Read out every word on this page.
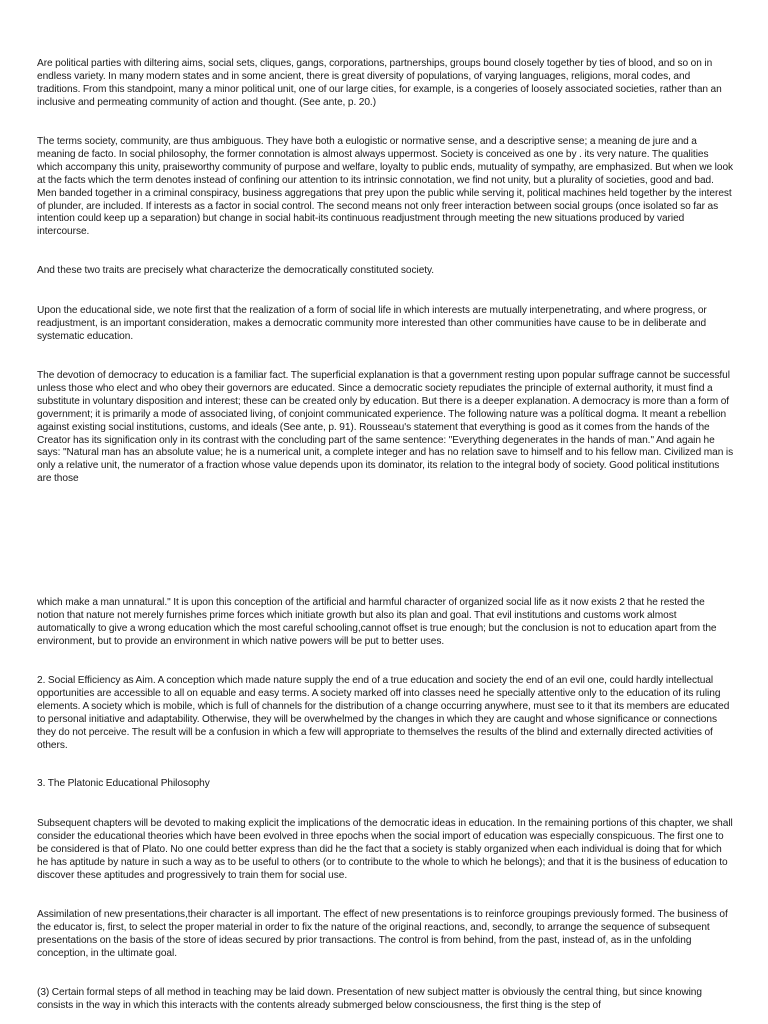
Are political parties with diltering aims, social sets, cliques, gangs, corporations, partnerships, groups bound closely together by ties of blood, and so on in endless variety. In many modern states and in some ancient, there is great diversity of populations, of varying languages, religions, moral codes, and traditions. From this standpoint, many a minor political unit, one of our large cities, for example, is a congeries of loosely associated societies, rather than an inclusive and permeating community of action and thought. (See ante, p. 20.)

The terms society, community, are thus ambiguous. They have both a eulogistic or normative sense, and a descriptive sense; a meaning de jure and a meaning de facto. In social philosophy, the former connotation is almost always uppermost. Society is conceived as one by . its very nature. The qualities which accompany this unity, praiseworthy community of purpose and welfare, loyalty to public ends, mutuality of sympathy, are emphasized. But when we look at the facts which the term denotes instead of confining our attention to its intrinsic connotation, we find not unity, but a plurality of societies, good and bad. Men banded together in a criminal conspiracy, business aggregations that prey upon the public while serving it, political machines held together by the interest of plunder, are included. If interests as a factor in social control. The second means not only freer interaction between social groups (once isolated so far as intention could keep up a separation) but change in social habit-its continuous readjustment through meeting the new situations produced by varied intercourse.

And these two traits are precisely what characterize the democratically constituted society.

Upon the educational side, we note first that the realization of a form of social life in which interests are mutually interpenetrating, and where progress, or readjustment, is an important consideration, makes a democratic community more interested than other communities have cause to be in deliberate and systematic education.

The devotion of democracy to education is a familiar fact. The superficial explanation is that a government resting upon popular suffrage cannot be successful unless those who elect and who obey their governors are educated. Since a democratic society repudiates the principle of external authority, it must find a substitute in voluntary disposition and interest; these can be created only by education. But there is a deeper explanation. A democracy is more than a form of government; it is primarily a mode of associated living, of conjoint communicated experience. The following nature was a polítical dogma. It meant a rebellion against existing social institutions, customs, and ideals (See ante, p. 91). Rousseau's statement that everything is good as it comes from the hands of the Creator has its signification only in its contrast with the concluding part of the same sentence: "Everything degenerates in the hands of man." And again he says: "Natural man has an absolute value; he is a numerical unit, a complete integer and has no relation save to himself and to his fellow man. Civilized man is only a relative unit, the numerator of a fraction whose value depends upon its dominator, its relation to the integral body of society. Good political institutions are those

which make a man unnatural." It is upon this conception of the artificial and harmful character of organized social life as it now exists 2 that he rested the notion that nature not merely furnishes prime forces which initiate growth but also its plan and goal. That evil institutions and customs work almost automatically to give a wrong education which the most careful schooling,cannot offset is true enough; but the conclusion is not to education apart from the environment, but to provide an environment in which native powers will be put to better uses.

2. Social Efficiency as Aim. A conception which made nature supply the end of a true education and society the end of an evil one, could hardly intellectual opportunities are accessible to all on equable and easy terms. A society marked off into classes need he specially attentive only to the education of its ruling elements. A society which is mobile, which is full of channels for the distribution of a change occurring anywhere, must see to it that its members are educated to personal initiative and adaptability. Otherwise, they will be overwhelmed by the changes in which they are caught and whose significance or connections they do not perceive. The result will be a confusion in which a few will appropriate to themselves the results of the blind and externally directed activities of others.

3. The Platonic Educational Philosophy

Subsequent chapters will be devoted to making explicit the implications of the democratic ideas in education. In the remaining portions of this chapter, we shall consider the educational theories which have been evolved in three epochs when the social import of education was especially conspicuous. The first one to be considered is that of Plato. No one could better express than did he the fact that a society is stably organized when each individual is doing that for which he has aptitude by nature in such a way as to be useful to others (or to contribute to the whole to which he belongs); and that it is the business of education to discover these aptitudes and progressively to train them for social use.

Assimilation of new presentations,their character is all important. The effect of new presentations is to reinforce groupings previously formed. The business of the educator is, first, to select the proper material in order to fix the nature of the original reactions, and, secondly, to arrange the sequence of subsequent presentations on the basis of the store of ideas secured by prior transactions. The control is from behind, from the past, instead of, as in the unfolding conception, in the ultimate goal.

(3) Certain formal steps of all method in teaching may be laid down. Presentation of new subject matter is obviously the central thing, but since knowing consists in the way in which this interacts with the contents already submerged below consciousness, the first thing is the step of
